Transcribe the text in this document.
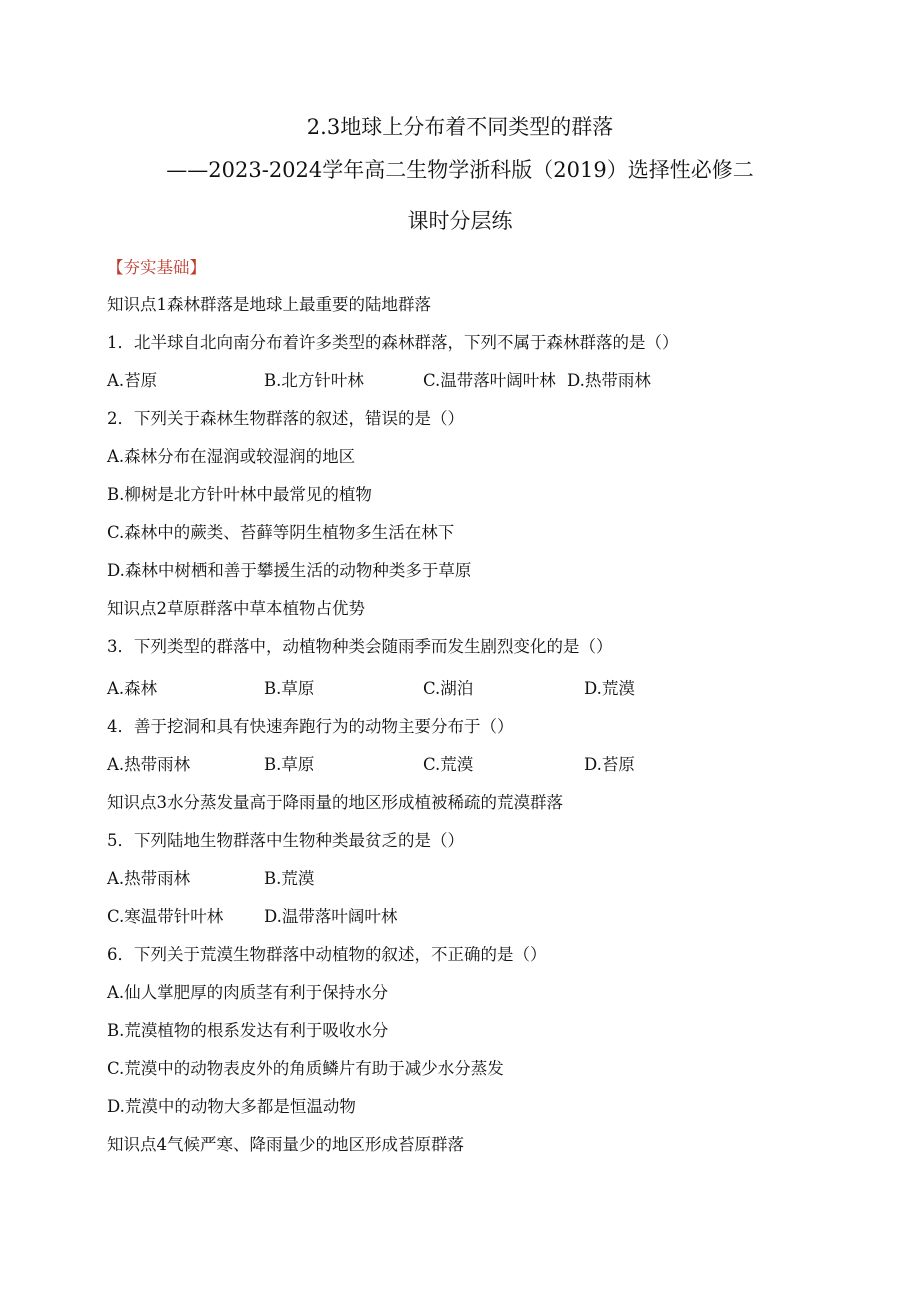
2.3地球上分布着不同类型的群落
——2023-2024学年高二生物学浙科版（2019）选择性必修二
课时分层练
【夯实基础】
知识点1森林群落是地球上最重要的陆地群落
1．北半球自北向南分布着许多类型的森林群落，下列不属于森林群落的是（）
A.苔原	B.北方针叶林	C.温带落叶阔叶林 D.热带雨林
2．下列关于森林生物群落的叙述，错误的是（）
A.森林分布在湿润或较湿润的地区
B.柳树是北方针叶林中最常见的植物
C.森林中的蕨类、苔藓等阴生植物多生活在林下
D.森林中树栖和善于攀援生活的动物种类多于草原
知识点2草原群落中草本植物占优势
3．下列类型的群落中，动植物种类会随雨季而发生剧烈变化的是（）
A.森林	B.草原	C.湖泊	D.荒漠
4．善于挖洞和具有快速奔跑行为的动物主要分布于（）
A.热带雨林	B.草原	C.荒漠	D.苔原
知识点3水分蒸发量高于降雨量的地区形成植被稀疏的荒漠群落
5．下列陆地生物群落中生物种类最贫乏的是（）
A.热带雨林	B.荒漠
C.寒温带针叶林 D.温带落叶阔叶林
6．下列关于荒漠生物群落中动植物的叙述，不正确的是（）
A.仙人掌肥厚的肉质茎有利于保持水分
B.荒漠植物的根系发达有利于吸收水分
C.荒漠中的动物表皮外的角质鳞片有助于减少水分蒸发
D.荒漠中的动物大多都是恒温动物
知识点4气候严寒、降雨量少的地区形成苔原群落
